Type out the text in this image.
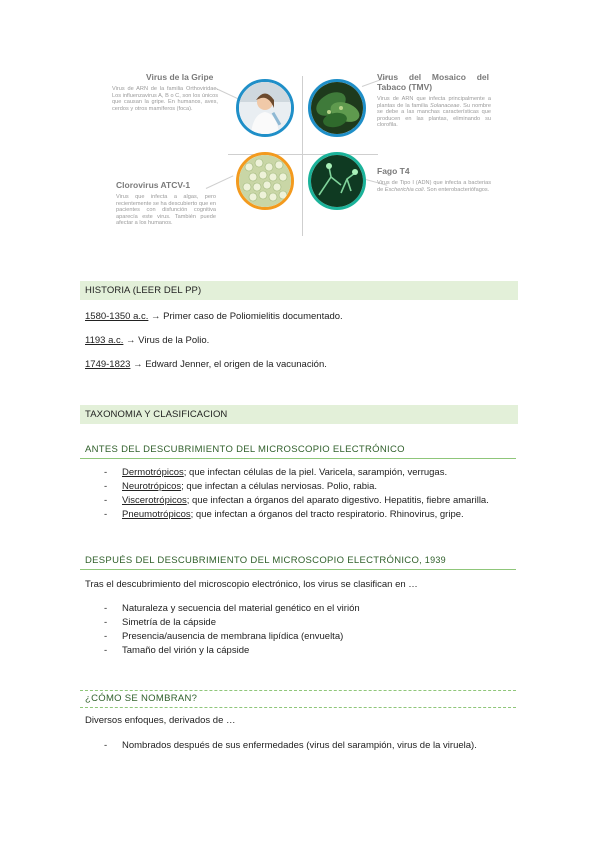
Virus de la Gripe
Virus de ARN de la familia Orthoviridae. Los influenzavirus A, B o C, son los únicos que causan la gripe. En humanos, aves, cerdos y otros mamíferos (foca).
Virus del Mosaico del Tabaco (TMV)
Virus de ARN que infecta principalmente a plantas de la familia Solanaceae. Su nombre se debe a las manchas características que producen en las plantas, eliminando su clorofila.
Clorovirus ATCV-1
Virus que infecta a algas, pero recientemente se ha descubierto que en pacientes con disfunción cognitiva aparecía este virus. También puede afectar a los humanos.
Fago T4
Virus de Tipo I (ADN) que infecta a bacterias de Escherichia coli. Son enterobacteriófagos.
HISTORIA (LEER DEL PP)
1580-1350 a.c. → Primer caso de Poliomielitis documentado.
1193 a.c. → Virus de la Polio.
1749-1823 → Edward Jenner, el origen de la vacunación.
TAXONOMIA Y CLASIFICACION
ANTES DEL DESCUBRIMIENTO DEL MICROSCOPIO ELECTRÓNICO
- Dermotrópicos; que infectan células de la piel. Varicela, sarampión, verrugas.
- Neurotrópicos; que infectan a células nerviosas. Polio, rabia.
- Viscerotrópicos; que infectan a órganos del aparato digestivo. Hepatitis, fiebre amarilla.
- Pneumotrópicos; que infectan a órganos del tracto respiratorio. Rhinovirus, gripe.
DESPUÉS DEL DESCUBRIMIENTO DEL MICROSCOPIO ELECTRÓNICO, 1939
Tras el descubrimiento del microscopio electrónico, los virus se clasifican en …
- Naturaleza y secuencia del material genético en el virión
- Simetría de la cápside
- Presencia/ausencia de membrana lipídica (envuelta)
- Tamaño del virión y la cápside
¿CÓMO SE NOMBRAN?
Diversos enfoques, derivados de …
- Nombrados después de sus enfermedades (virus del sarampión, virus de la viruela).
